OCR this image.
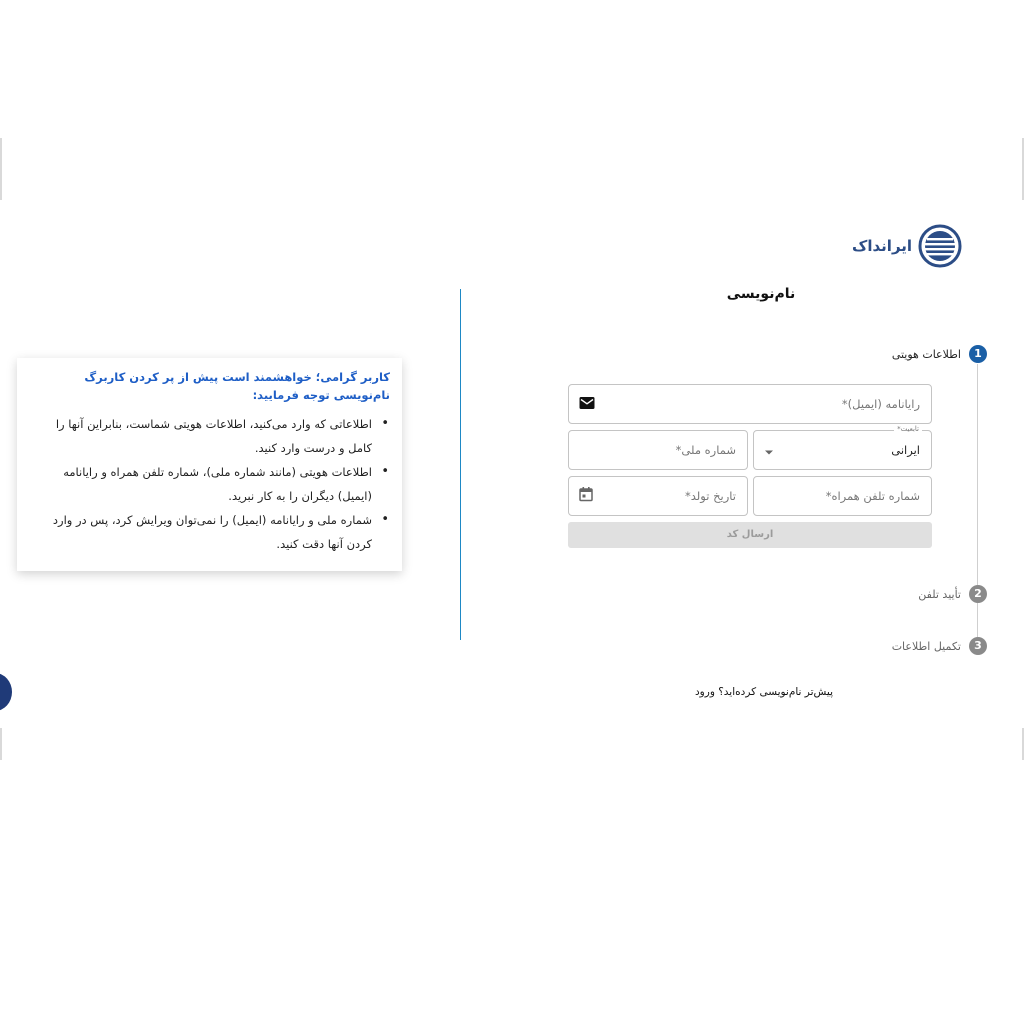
کاربر گرامی؛ خواهشمند است پیش از پر کردن کاربرگ نام‌نویسی توجه فرمایید:

• اطلاعاتی که وارد می‌کنید، اطلاعات هویتی شماست، بنابراین آنها را کامل و درست وارد کنید.
• اطلاعات هویتی (مانند شماره ملی)، شماره تلفن همراه و رایانامه (ایمیل) دیگران را به کار نبرید.
• شماره ملی و رایانامه (ایمیل) را نمی‌توان ویرایش کرد، پس در وارد کردن آنها دقت کنید.
ایرانداک
نام‌نویسی
1
اطلاعات هویتی
2
تأیید تلفن
3
تکمیل اطلاعات
رایانامه (ایمیل)*
تابعیت*
ایرانی
شماره ملی*
شماره تلفن همراه*
تاریخ تولد*
ارسال کد
پیش‌تر نام‌نویسی کرده‌اید؟ ورود
